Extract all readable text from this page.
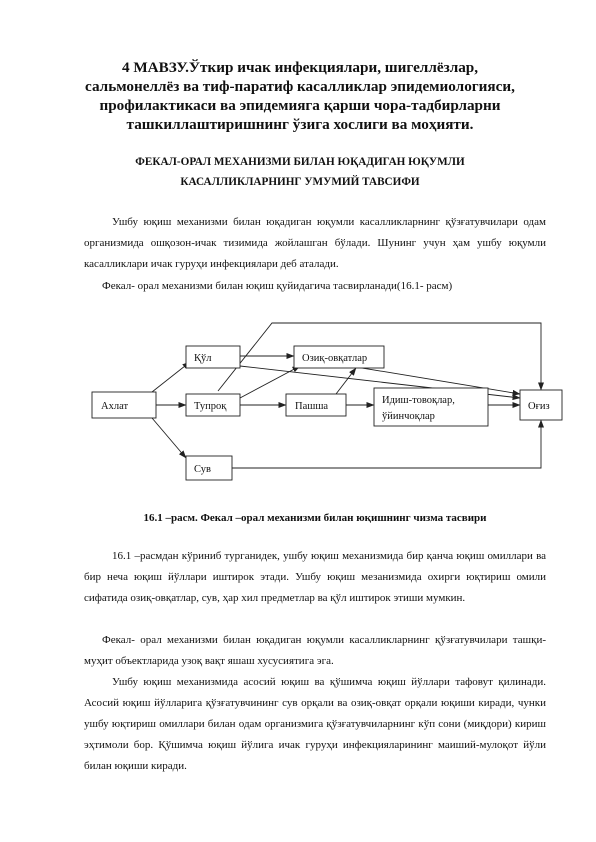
4 МАВЗУ.Ўткир ичак инфекциялари, шигеллёзлар, сальмонеллёз ва тиф-паратиф касалликлар эпидемиологияси, профилактикаси ва эпидемияга қарши чора-тадбирларни ташкиллаштиришнинг ўзига хослиги ва моҳияти.
ФЕКАЛ-ОРАЛ МЕХАНИЗМИ БИЛАН ЮҚАДИГАН ЮҚУМЛИ КАСАЛЛИКЛАРНИНГ УМУМИЙ ТАВСИФИ
Ушбу юқиш механизми билан юқадиган юқумли касалликларнинг қўзғатувчилари одам организмида ошқозон-ичак тизимида жойлашган бўлади. Шунинг учун ҳам ушбу юқумли касалликлари ичак гуруҳи инфекциялари деб аталади.
Фекал- орал механизми билан юқиш қуйидагича тасвирланади(16.1- расм)
Ахлат
Қўл	Озиқ-овқатлар
Тупроқ	Пашша
Идиш-товоқлар,
ўйинчоқлар
Оғиз
Сув
16.1 –расм. Фекал –орал механизми билан юқишнинг чизма тасвири
16.1 –расмдан кўриниб турганидек, ушбу юқиш механизмида бир қанча юқиш омиллари ва бир неча юқиш йўллари иштирок этади. Ушбу юқиш мезанизмида охирги юқтириш омили сифатида озиқ-овқатлар, сув, ҳар хил предметлар ва қўл иштирок этиши мумкин.
Фекал- орал механизми билан юқадиган юқумли касалликларнинг қўзғатувчилари ташқи-муҳит объектларида узоқ вақт яшаш хусусиятига эга.
Ушбу юқиш механизмида асосий юқиш ва қўшимча юқиш йўллари тафовут қилинади. Асосий юқиш йўлларига қўзғатувчининг сув орқали ва озиқ-овқат орқали юқиши киради, чунки ушбу юқтириш омиллари билан одам организмига қўзғатувчиларнинг кўп сони (миқдори) кириш эҳтимоли бор. Қўшимча юқиш йўлига ичак гуруҳи инфекцияларининг маиший-мулоқот йўли билан юқиши киради.
